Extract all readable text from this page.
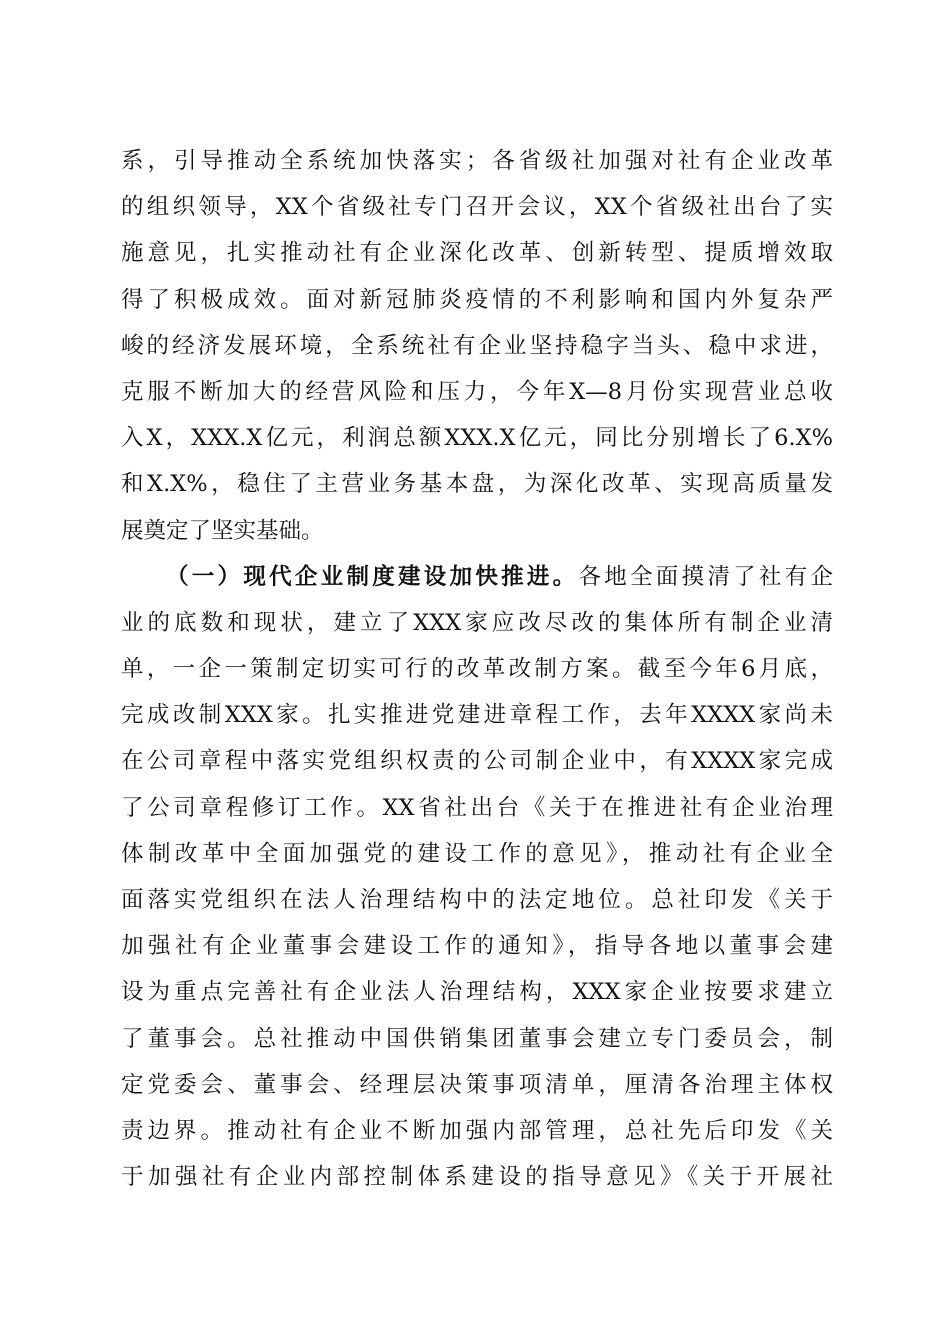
系，引导推动全系统加快落实；各省级社加强对社有企业改革
的组织领导，XX个省级社专门召开会议，XX个省级社出台了实
施意见，扎实推动社有企业深化改革、创新转型、提质增效取
得了积极成效。面对新冠肺炎疫情的不利影响和国内外复杂严
峻的经济发展环境，全系统社有企业坚持稳字当头、稳中求进，
克服不断加大的经营风险和压力，今年X—8月份实现营业总收
入X，XXX.X亿元，利润总额XXX.X亿元，同比分别增长了6.X%
和X.X%，稳住了主营业务基本盘，为深化改革、实现高质量发
展奠定了坚实基础。
（一）现代企业制度建设加快推进。各地全面摸清了社有企
业的底数和现状，建立了XXX家应改尽改的集体所有制企业清
单，一企一策制定切实可行的改革改制方案。截至今年6月底，
完成改制XXX家。扎实推进党建进章程工作，去年XXXX家尚未
在公司章程中落实党组织权责的公司制企业中，有XXXX家完成
了公司章程修订工作。XX省社出台《关于在推进社有企业治理
体制改革中全面加强党的建设工作的意见》，推动社有企业全
面落实党组织在法人治理结构中的法定地位。总社印发《关于
加强社有企业董事会建设工作的通知》，指导各地以董事会建
设为重点完善社有企业法人治理结构，XXX家企业按要求建立
了董事会。总社推动中国供销集团董事会建立专门委员会，制
定党委会、董事会、经理层决策事项清单，厘清各治理主体权
责边界。推动社有企业不断加强内部管理，总社先后印发《关
于加强社有企业内部控制体系建设的指导意见》《关于开展社
